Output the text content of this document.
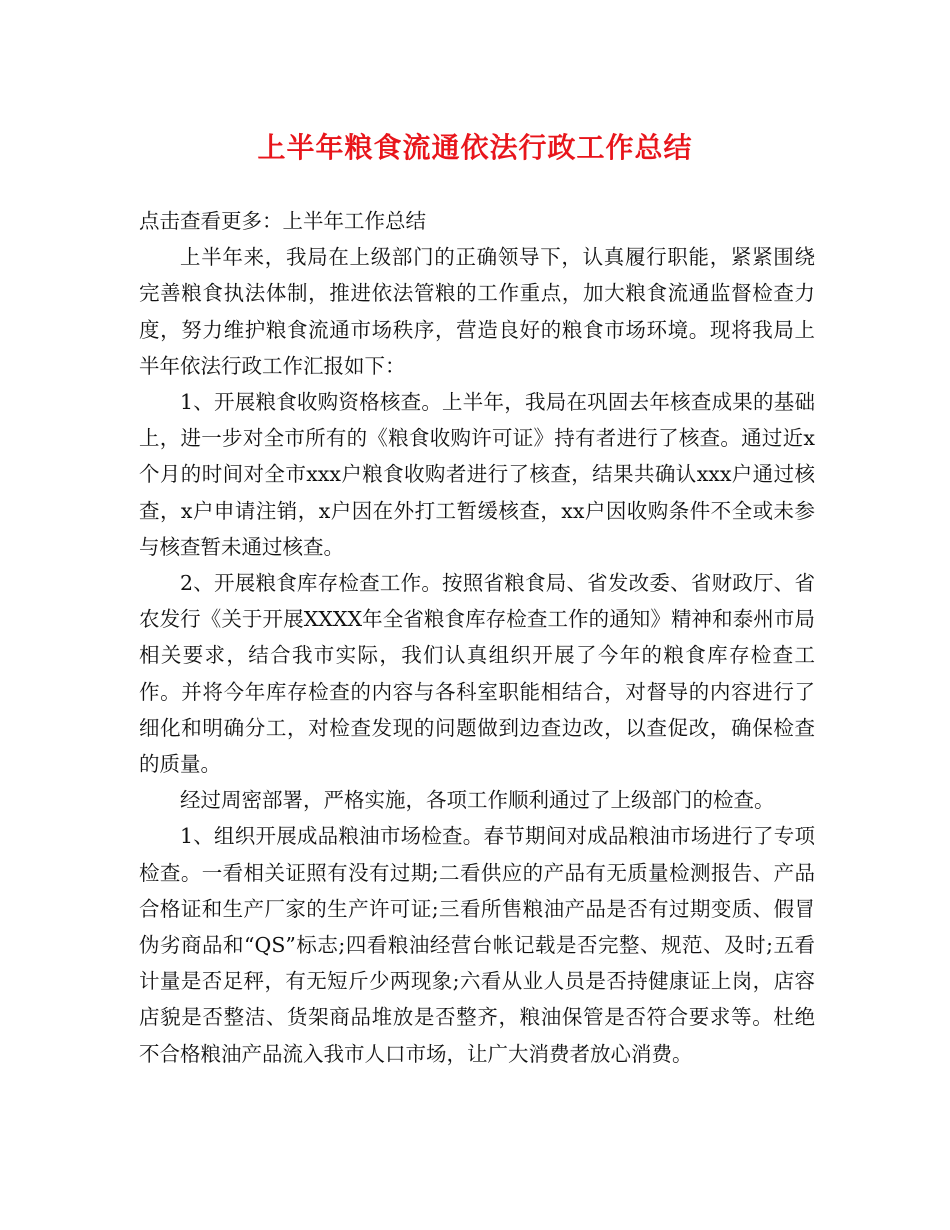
上半年粮食流通依法行政工作总结

点击查看更多：上半年工作总结

上半年来，我局在上级部门的正确领导下，认真履行职能，紧紧围绕完善粮食执法体制，推进依法管粮的工作重点，加大粮食流通监督检查力度，努力维护粮食流通市场秩序，营造良好的粮食市场环境。现将我局上半年依法行政工作汇报如下：

1、开展粮食收购资格核查。上半年，我局在巩固去年核查成果的基础上，进一步对全市所有的《粮食收购许可证》持有者进行了核查。通过近x个月的时间对全市xxx户粮食收购者进行了核查，结果共确认xxx户通过核查，x户申请注销，x户因在外打工暂缓核查，xx户因收购条件不全或未参与核查暂未通过核查。

2、开展粮食库存检查工作。按照省粮食局、省发改委、省财政厅、省农发行《关于开展XXXX年全省粮食库存检查工作的通知》精神和泰州市局相关要求，结合我市实际，我们认真组织开展了今年的粮食库存检查工作。并将今年库存检查的内容与各科室职能相结合，对督导的内容进行了细化和明确分工，对检查发现的问题做到边查边改，以查促改，确保检查的质量。

经过周密部署，严格实施，各项工作顺利通过了上级部门的检查。

1、组织开展成品粮油市场检查。春节期间对成品粮油市场进行了专项检查。一看相关证照有没有过期;二看供应的产品有无质量检测报告、产品合格证和生产厂家的生产许可证;三看所售粮油产品是否有过期变质、假冒伪劣商品和“QS”标志;四看粮油经营台帐记载是否完整、规范、及时;五看计量是否足秤，有无短斤少两现象;六看从业人员是否持健康证上岗，店容店貌是否整洁、货架商品堆放是否整齐，粮油保管是否符合要求等。杜绝不合格粮油产品流入我市人口市场，让广大消费者放心消费。
